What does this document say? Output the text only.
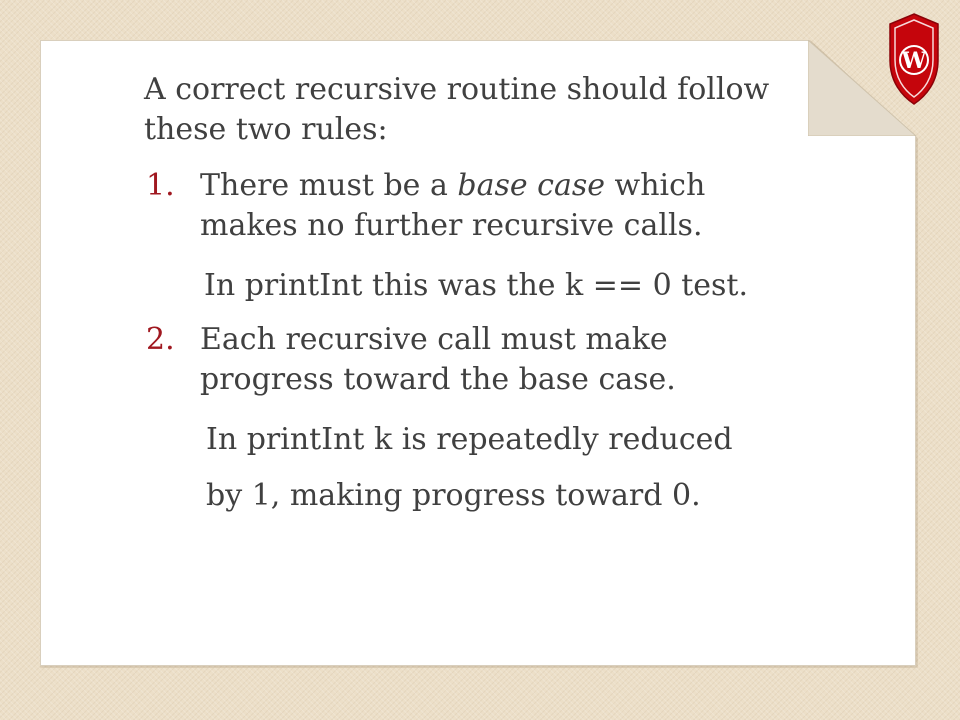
W
A correct recursive routine should follow
these two rules:
1. There must be a base case which
makes no further recursive calls.
In printInt this was the k == 0 test.
2. Each recursive call must make
progress toward the base case.
In printInt k is repeatedly reduced
by 1, making progress toward 0.
